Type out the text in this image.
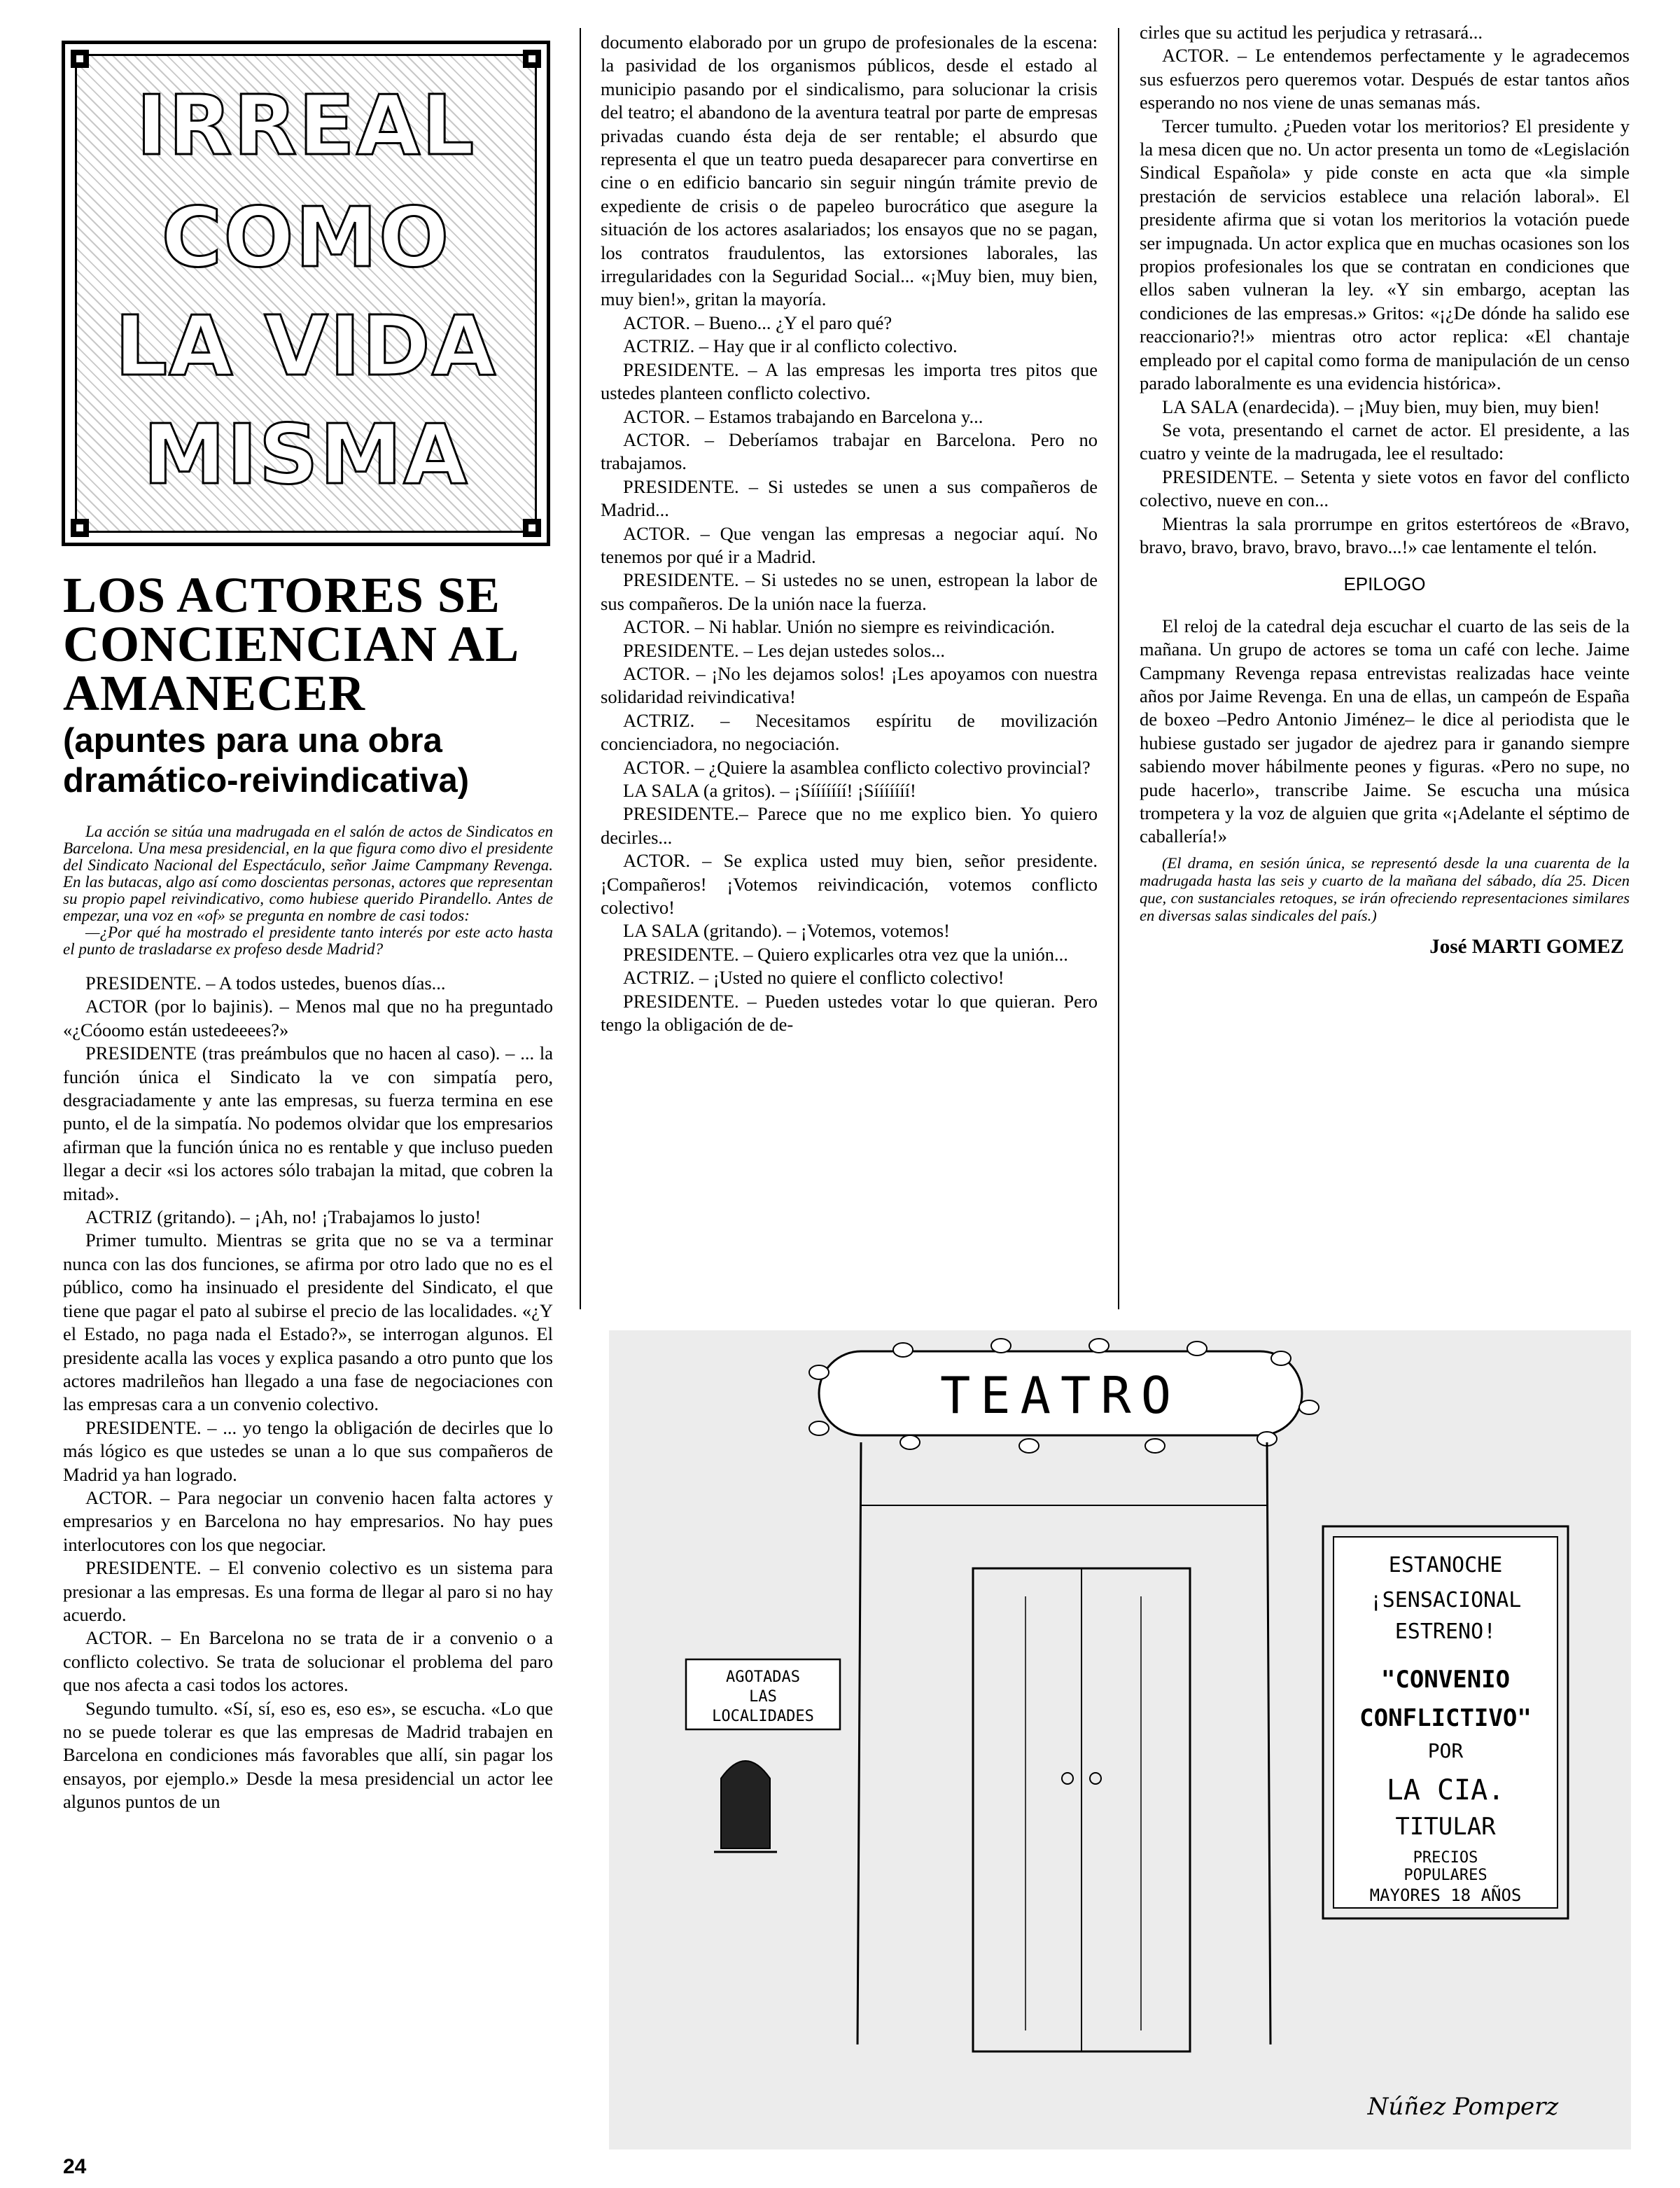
IRREAL
COMO
LA VIDA
MISMA
LOS ACTORES SE CONCIENCIAN AL AMANECER
(apuntes para una obra dramático-reivindicativa)

La acción se sitúa una madrugada en el salón de actos de Sindicatos en Barcelona. Una mesa presidencial, en la que figura como divo el presidente del Sindicato Nacional del Espectáculo, señor Jaime Campmany Revenga. En las butacas, algo así como doscientas personas, actores que representan su propio papel reivindicativo, como hubiese querido Pirandello. Antes de empezar, una voz en «of» se pregunta en nombre de casi todos:

—¿Por qué ha mostrado el presidente tanto interés por este acto hasta el punto de trasladarse ex profeso desde Madrid?

PRESIDENTE. – A todos ustedes, buenos días...

ACTOR (por lo bajinis). – Menos mal que no ha preguntado «¿Cóoomo están ustedeeees?»

PRESIDENTE (tras preámbulos que no hacen al caso). – ... la función única el Sindicato la ve con simpatía pero, desgraciadamente y ante las empresas, su fuerza termina en ese punto, el de la simpatía. No podemos olvidar que los empresarios afirman que la función única no es rentable y que incluso pueden llegar a decir «si los actores sólo trabajan la mitad, que cobren la mitad».

ACTRIZ (gritando). – ¡Ah, no! ¡Trabajamos lo justo!

Primer tumulto. Mientras se grita que no se va a terminar nunca con las dos funciones, se afirma por otro lado que no es el público, como ha insinuado el presidente del Sindicato, el que tiene que pagar el pato al subirse el precio de las localidades. «¿Y el Estado, no paga nada el Estado?», se interrogan algunos. El presidente acalla las voces y explica pasando a otro punto que los actores madrileños han llegado a una fase de negociaciones con las empresas cara a un convenio colectivo.

PRESIDENTE. – ... yo tengo la obligación de decirles que lo más lógico es que ustedes se unan a lo que sus compañeros de Madrid ya han logrado.

ACTOR. – Para negociar un convenio hacen falta actores y empresarios y en Barcelona no hay empresarios. No hay pues interlocutores con los que negociar.

PRESIDENTE. – El convenio colectivo es un sistema para presionar a las empresas. Es una forma de llegar al paro si no hay acuerdo.

ACTOR. – En Barcelona no se trata de ir a convenio o a conflicto colectivo. Se trata de solucionar el problema del paro que nos afecta a casi todos los actores.

Segundo tumulto. «Sí, sí, eso es, eso es», se escucha. «Lo que no se puede tolerar es que las empresas de Madrid trabajen en Barcelona en condiciones más favorables que allí, sin pagar los ensayos, por ejemplo.» Desde la mesa presidencial un actor lee algunos puntos de un

documento elaborado por un grupo de profesionales de la escena: la pasividad de los organismos públicos, desde el estado al municipio pasando por el sindicalismo, para solucionar la crisis del teatro; el abandono de la aventura teatral por parte de empresas privadas cuando ésta deja de ser rentable; el absurdo que representa el que un teatro pueda desaparecer para convertirse en cine o en edificio bancario sin seguir ningún trámite previo de expediente de crisis o de papeleo burocrático que asegure la situación de los actores asalariados; los ensayos que no se pagan, los contratos fraudulentos, las extorsiones laborales, las irregularidades con la Seguridad Social... «¡Muy bien, muy bien, muy bien!», gritan la mayoría.

ACTOR. – Bueno... ¿Y el paro qué?

ACTRIZ. – Hay que ir al conflicto colectivo.

PRESIDENTE. – A las empresas les importa tres pitos que ustedes planteen conflicto colectivo.

ACTOR. – Estamos trabajando en Barcelona y...

ACTOR. – Deberíamos trabajar en Barcelona. Pero no trabajamos.

PRESIDENTE. – Si ustedes se unen a sus compañeros de Madrid...

ACTOR. – Que vengan las empresas a negociar aquí. No tenemos por qué ir a Madrid.

PRESIDENTE. – Si ustedes no se unen, estropean la labor de sus compañeros. De la unión nace la fuerza.

ACTOR. – Ni hablar. Unión no siempre es reivindicación.

PRESIDENTE. – Les dejan ustedes solos...

ACTOR. – ¡No les dejamos solos! ¡Les apoyamos con nuestra solidaridad reivindicativa!

ACTRIZ. – Necesitamos espíritu de movilización concienciadora, no negociación.

ACTOR. – ¿Quiere la asamblea conflicto colectivo provincial?

LA SALA (a gritos). – ¡Sííííííí! ¡Sííííííí!

PRESIDENTE.– Parece que no me explico bien. Yo quiero decirles...

ACTOR. – Se explica usted muy bien, señor presidente. ¡Compañeros! ¡Votemos reivindicación, votemos conflicto colectivo!

LA SALA (gritando). – ¡Votemos, votemos!

PRESIDENTE. – Quiero explicarles otra vez que la unión...

ACTRIZ. – ¡Usted no quiere el conflicto colectivo!

PRESIDENTE. – Pueden ustedes votar lo que quieran. Pero tengo la obligación de de-

cirles que su actitud les perjudica y retrasará...

ACTOR. – Le entendemos perfectamente y le agradecemos sus esfuerzos pero queremos votar. Después de estar tantos años esperando no nos viene de unas semanas más.

Tercer tumulto. ¿Pueden votar los meritorios? El presidente y la mesa dicen que no. Un actor presenta un tomo de «Legislación Sindical Española» y pide conste en acta que «la simple prestación de servicios establece una relación laboral». El presidente afirma que si votan los meritorios la votación puede ser impugnada. Un actor explica que en muchas ocasiones son los propios profesionales los que se contratan en condiciones que ellos saben vulneran la ley. «Y sin embargo, aceptan las condiciones de las empresas.» Gritos: «¡¿De dónde ha salido ese reaccionario?!» mientras otro actor replica: «El chantaje empleado por el capital como forma de manipulación de un censo parado laboralmente es una evidencia histórica».

LA SALA (enardecida). – ¡Muy bien, muy bien, muy bien!

Se vota, presentando el carnet de actor. El presidente, a las cuatro y veinte de la madrugada, lee el resultado:

PRESIDENTE. – Setenta y siete votos en favor del conflicto colectivo, nueve en con...

Mientras la sala prorrumpe en gritos estertóreos de «Bravo, bravo, bravo, bravo, bravo, bravo...!» cae lentamente el telón.

EPILOGO

El reloj de la catedral deja escuchar el cuarto de las seis de la mañana. Un grupo de actores se toma un café con leche. Jaime Campmany Revenga repasa entrevistas realizadas hace veinte años por Jaime Revenga. En una de ellas, un campeón de España de boxeo –Pedro Antonio Jiménez– le dice al periodista que le hubiese gustado ser jugador de ajedrez para ir ganando siempre sabiendo mover hábilmente peones y figuras. «Pero no supe, no pude hacerlo», transcribe Jaime. Se escucha una música trompetera y la voz de alguien que grita «¡Adelante el séptimo de caballería!»

(El drama, en sesión única, se representó desde la una cuarenta de la madrugada hasta las seis y cuarto de la mañana del sábado, día 25. Dicen que, con sustanciales retoques, se irán ofreciendo representaciones similares en diversas salas sindicales del país.)

José MARTI GOMEZ
TEATRO
AGOTADAS
LAS
LOCALIDADES
ESTANOCHE
¡SENSACIONAL
ESTRENO!
"CONVENIO
CONFLICTIVO"
POR
LA CIA.
TITULAR
PRECIOS
POPULARES
MAYORES 18 AÑOS
Núñez Pomperz
24
